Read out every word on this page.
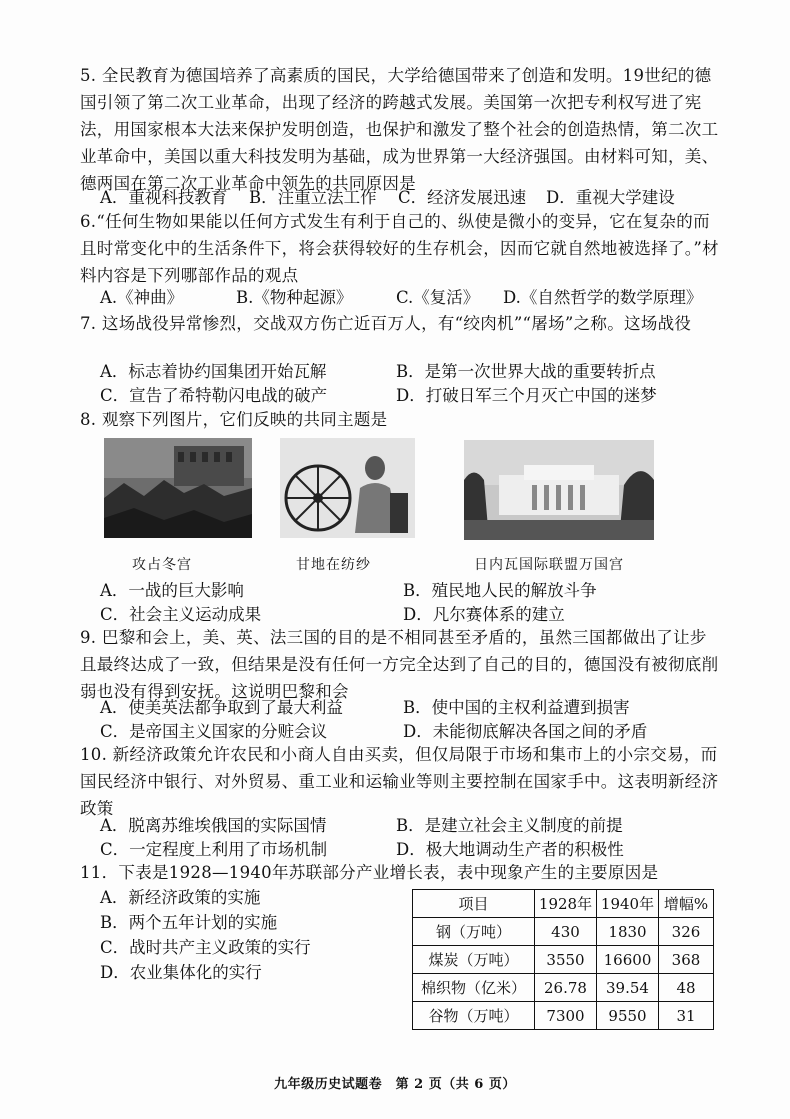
5. 全民教育为德国培养了高素质的国民，大学给德国带来了创造和发明。19世纪的德国引领了第二次工业革命，出现了经济的跨越式发展。美国第一次把专利权写进了宪法，用国家根本大法来保护发明创造，也保护和激发了整个社会的创造热情，第二次工业革命中，美国以重大科技发明为基础，成为世界第一大经济强国。由材料可知，美、德两国在第二次工业革命中领先的共同原因是
A．重视科技教育 B．注重立法工作 C．经济发展迅速 D．重视大学建设
6.“任何生物如果能以任何方式发生有利于自己的、纵使是微小的变异，它在复杂的而且时常变化中的生活条件下，将会获得较好的生存机会，因而它就自然地被选择了。”材料内容是下列哪部作品的观点
A.《神曲》	B.《物种起源》	C.《复活》 D.《自然哲学的数学原理》
7. 这场战役异常惨烈，交战双方伤亡近百万人，有“绞肉机”“屠场”之称。这场战役
A．标志着协约国集团开始瓦解	B．是第一次世界大战的重要转折点
C．宣告了希特勒闪电战的破产	D．打破日军三个月灭亡中国的迷梦
8. 观察下列图片，它们反映的共同主题是
攻占冬宫	甘地在纺纱	日内瓦国际联盟万国宫
A．一战的巨大影响	B．殖民地人民的解放斗争
C．社会主义运动成果	D．凡尔赛体系的建立
9. 巴黎和会上，美、英、法三国的目的是不相同甚至矛盾的，虽然三国都做出了让步且最终达成了一致，但结果是没有任何一方完全达到了自己的目的，德国没有被彻底削弱也没有得到安抚。这说明巴黎和会
A．使美英法都争取到了最大利益	B．使中国的主权利益遭到损害
C．是帝国主义国家的分赃会议	D．未能彻底解决各国之间的矛盾
10. 新经济政策允许农民和小商人自由买卖，但仅局限于市场和集市上的小宗交易，而国民经济中银行、对外贸易、重工业和运输业等则主要控制在国家手中。这表明新经济政策
A．脱离苏维埃俄国的实际国情	B．是建立社会主义制度的前提
C．一定程度上利用了市场机制	D．极大地调动生产者的积极性
11．下表是1928—1940年苏联部分产业增长表，表中现象产生的主要原因是
A．新经济政策的实施
B．两个五年计划的实施
C．战时共产主义政策的实行
D．农业集体化的实行
项目	1928年	1940年	增幅%
钢（万吨）	430	1830	326
煤炭（万吨）	3550	16600	368
棉织物（亿米）	26.78	39.54	48
谷物（万吨）	7300	9550	31
九年级历史试题卷　第 2 页（共 6 页）
